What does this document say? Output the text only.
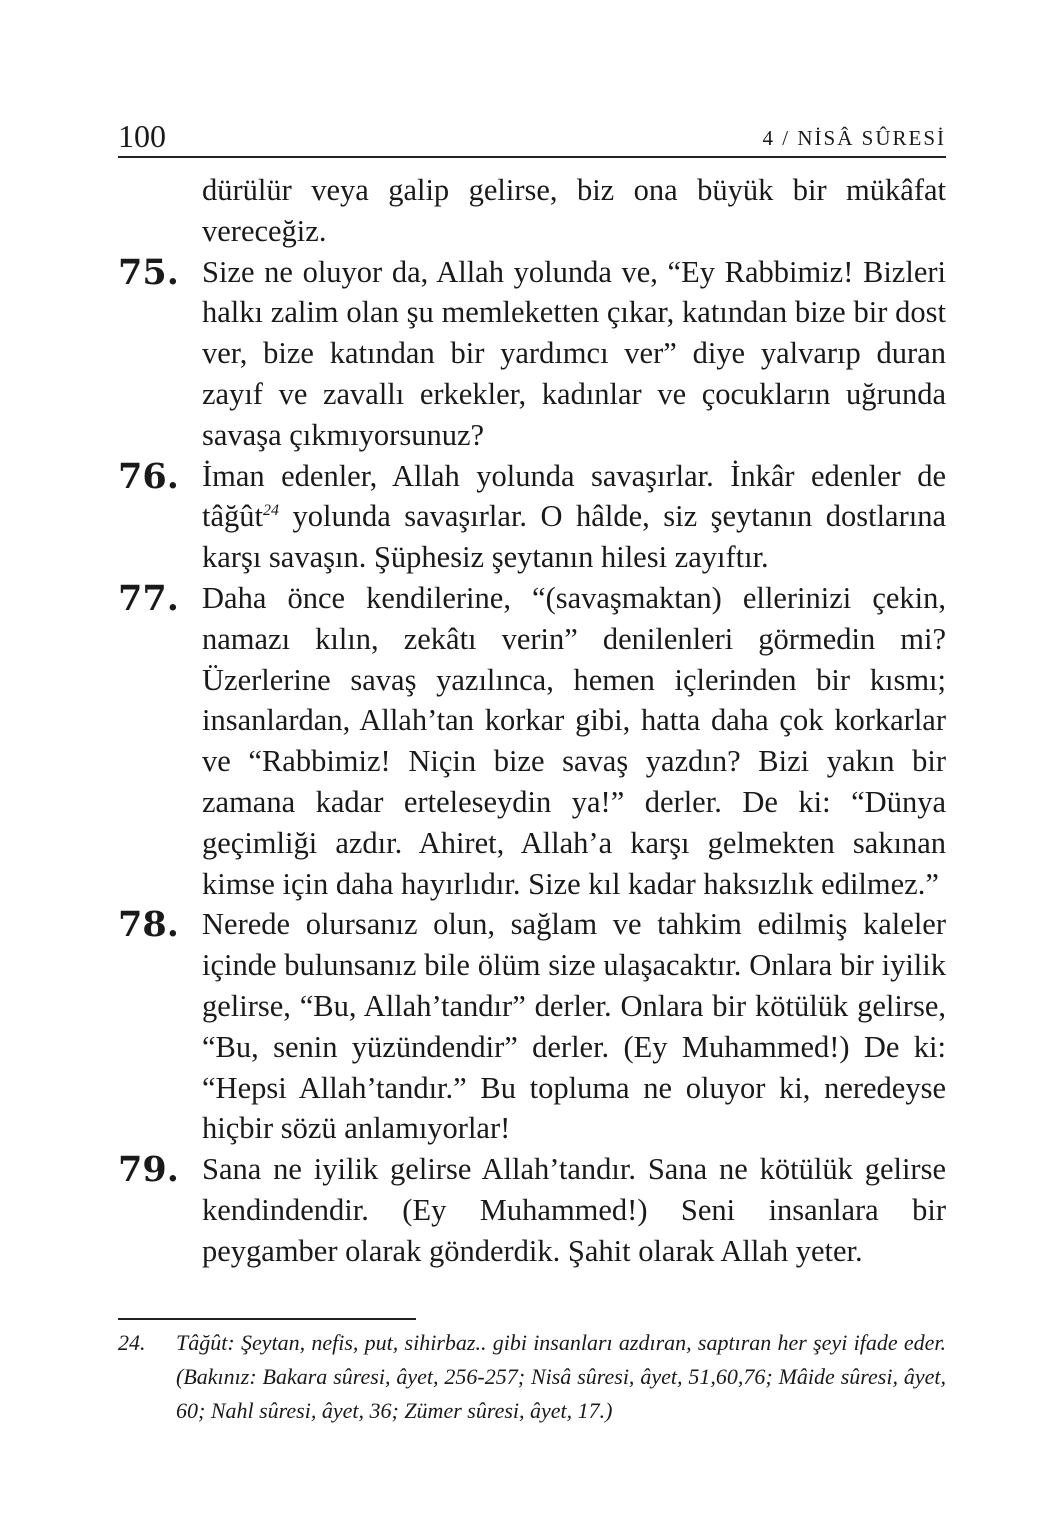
100	4 / NİSÂ SÛRESİ
dürülür veya galip gelirse, biz ona büyük bir mükâfat vereceğiz.
75. Size ne oluyor da, Allah yolunda ve, “Ey Rabbimiz! Bizleri halkı zalim olan şu memleketten çıkar, katından bize bir dost ver, bize katından bir yardımcı ver” diye yalvarıp duran zayıf ve zavallı erkekler, kadınlar ve çocukların uğrunda savaşa çıkmıyorsunuz?
76. İman edenler, Allah yolunda savaşırlar. İnkâr edenler de tâğût$^{24}$ yolunda savaşırlar. O hâlde, siz şeytanın dostlarına karşı savaşın. Şüphesiz şeytanın hilesi zayıftır.
77. Daha önce kendilerine, “(savaşmaktan) ellerinizi çekin, namazı kılın, zekâtı verin” denilenleri görmedin mi? Üzerlerine savaş yazılınca, hemen içlerinden bir kısmı; insanlardan, Allah’tan korkar gibi, hatta daha çok korkarlar ve “Rabbimiz! Niçin bize savaş yazdın? Bizi yakın bir zamana kadar erteleseydin ya!” derler. De ki: “Dünya geçimliği azdır. Ahiret, Allah’a karşı gelmekten sakınan kimse için daha hayırlıdır. Size kıl kadar haksızlık edilmez.”
78. Nerede olursanız olun, sağlam ve tahkim edilmiş kaleler içinde bulunsanız bile ölüm size ulaşacaktır. Onlara bir iyilik gelirse, “Bu, Allah’tandır” derler. Onlara bir kötülük gelirse, “Bu, senin yüzündendir” derler. (Ey Muhammed!) De ki: “Hepsi Allah’tandır.” Bu topluma ne oluyor ki, neredeyse hiçbir sözü anlamıyorlar!
79. Sana ne iyilik gelirse Allah’tandır. Sana ne kötülük gelirse kendindendir. (Ey Muhammed!) Seni insanlara bir peygamber olarak gönderdik. Şahit olarak Allah yeter.
24. Tâğût: Şeytan, nefis, put, sihirbaz.. gibi insanları azdıran, saptıran her şeyi ifade eder. (Bakınız: Bakara sûresi, âyet, 256-257; Nisâ sûresi, âyet, 51,60,76; Mâide sûresi, âyet, 60; Nahl sûresi, âyet, 36; Zümer sûresi, âyet, 17.)
